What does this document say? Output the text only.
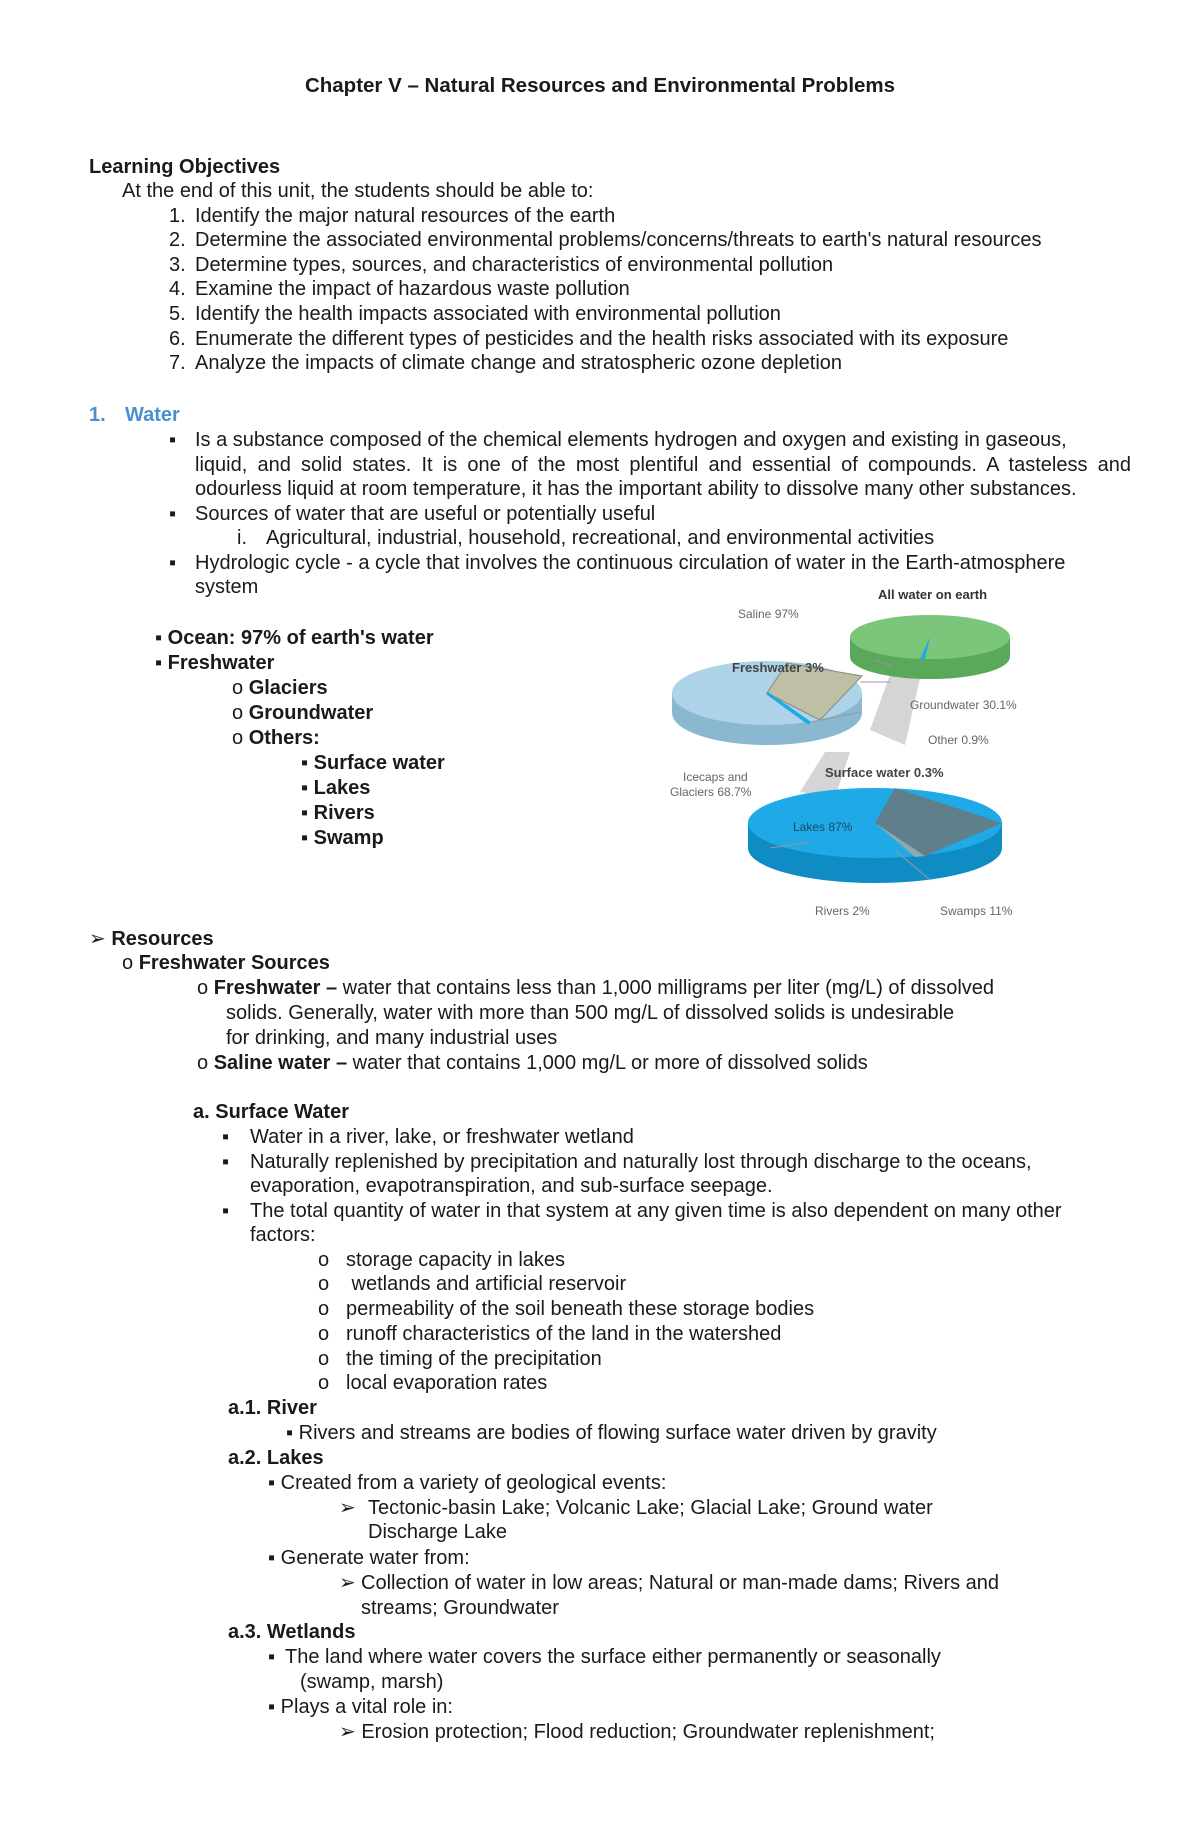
Chapter V – Natural Resources and Environmental Problems
Learning Objectives
At the end of this unit, the students should be able to:
1. Identify the major natural resources of the earth
2. Determine the associated environmental problems/concerns/threats to earth's natural resources
3. Determine types, sources, and characteristics of environmental pollution
4. Examine the impact of hazardous waste pollution
5. Identify the health impacts associated with environmental pollution
6. Enumerate the different types of pesticides and the health risks associated with its exposure
7. Analyze the impacts of climate change and stratospheric ozone depletion
1. Water
▪ Is a substance composed of the chemical elements hydrogen and oxygen and existing in gaseous,
liquid, and solid states. It is one of the most plentiful and essential of compounds. A tasteless and
odourless liquid at room temperature, it has the important ability to dissolve many other substances.
▪ Sources of water that are useful or potentially useful
i. Agricultural, industrial, household, recreational, and environmental activities
▪ Hydrologic cycle - a cycle that involves the continuous circulation of water in the Earth-atmosphere
system
▪ Ocean: 97% of earth's water
▪ Freshwater
o Glaciers
o Groundwater
o Others:
▪ Surface water
▪ Lakes
▪ Rivers
▪ Swamp
All water on earth
Saline 97%
Freshwater 3%
Groundwater 30.1%
Other 0.9%
Icecaps and
Glaciers 68.7%
Surface water 0.3%
Lakes 87%
Rivers 2%	Swamps 11%
➢ Resources
o Freshwater Sources
o Freshwater – water that contains less than 1,000 milligrams per liter (mg/L) of dissolved
solids. Generally, water with more than 500 mg/L of dissolved solids is undesirable
for drinking, and many industrial uses
o Saline water – water that contains 1,000 mg/L or more of dissolved solids
a. Surface Water
▪ Water in a river, lake, or freshwater wetland
▪ Naturally replenished by precipitation and naturally lost through discharge to the oceans,
evaporation, evapotranspiration, and sub-surface seepage.
▪ The total quantity of water in that system at any given time is also dependent on many other
factors:
o storage capacity in lakes
o wetlands and artificial reservoir
o permeability of the soil beneath these storage bodies
o runoff characteristics of the land in the watershed
o the timing of the precipitation
o local evaporation rates
a.1. River
▪ Rivers and streams are bodies of flowing surface water driven by gravity
a.2. Lakes
▪ Created from a variety of geological events:
➢ Tectonic-basin Lake; Volcanic Lake; Glacial Lake; Ground water
Discharge Lake
▪ Generate water from:
➢ Collection of water in low areas; Natural or man-made dams; Rivers and
streams; Groundwater
a.3. Wetlands
▪ The land where water covers the surface either permanently or seasonally
(swamp, marsh)
▪ Plays a vital role in:
➢ Erosion protection; Flood reduction; Groundwater replenishment;
